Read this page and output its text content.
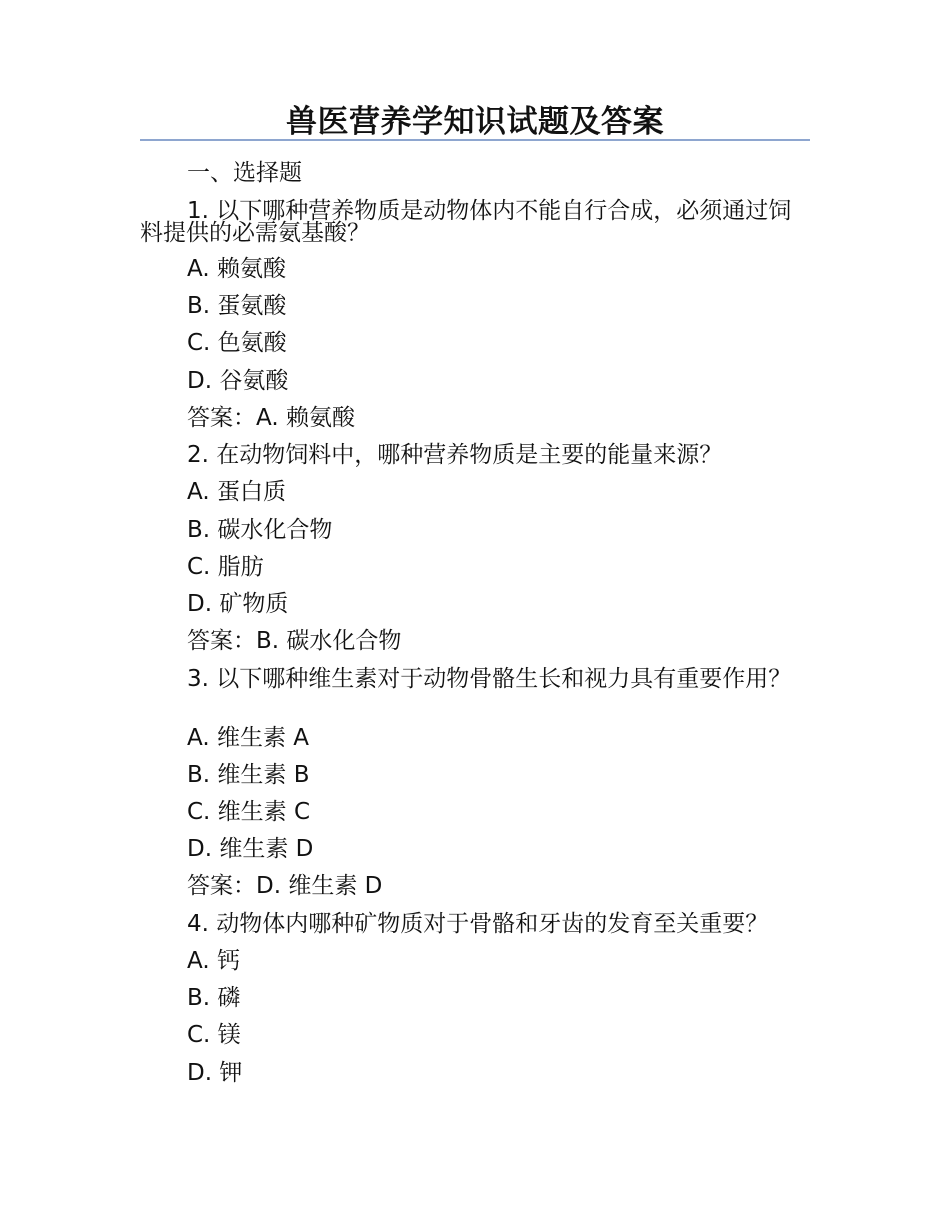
兽医营养学知识试题及答案
一、选择题
1. 以下哪种营养物质是动物体内不能自行合成，必须通过饲料提供的必需氨基酸？
A. 赖氨酸
B. 蛋氨酸
C. 色氨酸
D. 谷氨酸
答案：A. 赖氨酸
2. 在动物饲料中，哪种营养物质是主要的能量来源？
A. 蛋白质
B. 碳水化合物
C. 脂肪
D. 矿物质
答案：B. 碳水化合物
3. 以下哪种维生素对于动物骨骼生长和视力具有重要作用？
A. 维生素 A
B. 维生素 B
C. 维生素 C
D. 维生素 D
答案：D. 维生素 D
4. 动物体内哪种矿物质对于骨骼和牙齿的发育至关重要？
A. 钙
B. 磷
C. 镁
D. 钾
